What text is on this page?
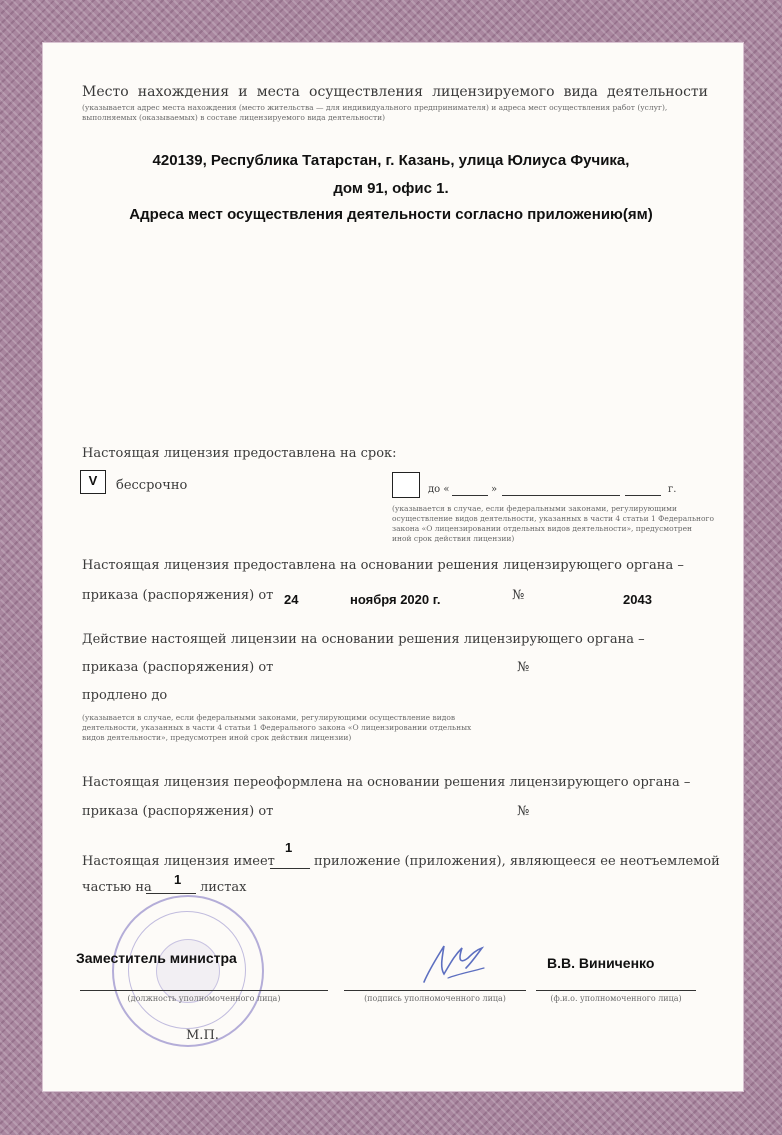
Место нахождения и места осуществления лицензируемого вида деятельности
(указывается адрес места нахождения (место жительства — для индивидуального предпринимателя) и адреса мест осуществления работ (услуг),
выполняемых (оказываемых) в составе лицензируемого вида деятельности)
420139, Республика Татарстан, г. Казань, улица Юлиуса Фучика,
дом 91, офис 1.
Адреса мест осуществления деятельности согласно приложению(ям)
Настоящая лицензия предоставлена на срок:
V	бессрочно	до «	»	г.
(указывается в случае, если федеральными законами, регулирующими
осуществление видов деятельности, указанных в части 4 статьи 1 Федерального
закона «О лицензировании отдельных видов деятельности», предусмотрен
иной срок действия лицензии)
Настоящая лицензия предоставлена на основании решения лицензирующего органа –
приказа (распоряжения) от 24	ноября 2020 г.	№	2043
Действие настоящей лицензии на основании решения лицензирующего органа –
приказа (распоряжения) от	№
продлено до
(указывается в случае, если федеральными законами, регулирующими осуществление видов
деятельности, указанных в части 4 статьи 1 Федерального закона «О лицензировании отдельных
видов деятельности», предусмотрен иной срок действия лицензии)
Настоящая лицензия переоформлена на основании решения лицензирующего органа –
приказа (распоряжения) от	№
Настоящая лицензия имеет
1
приложение (приложения), являющееся ее неотъемлемой
частью на
1
листах
Заместитель министра	В.В. Виниченко
(должность уполномоченного лица)	(подпись уполномоченного лица)	(ф.и.о. уполномоченного лица)
М.П.
